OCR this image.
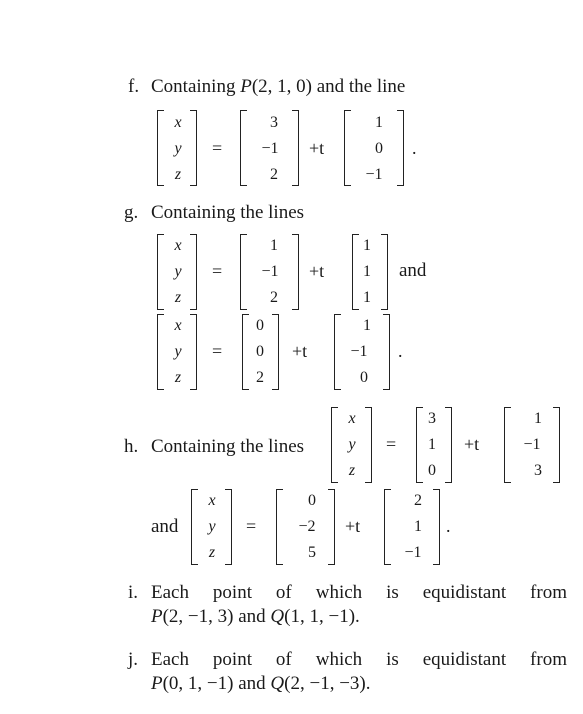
f. Containing P(2, 1, 0) and the line
x
y
z
=
3
−1
2
+t
1
0
−1
.
g. Containing the lines
x
y
z
=
1
−1
2
+t
1
1
1
and
x
y
z
=
0
0
2
+t
1
−1
0
.
h. Containing the lines
x
y
z
=
3
1
0
+t
1
−1
3
and
x
y
z
=
0
−2
5
+t
2
1
−1
.
i. Each point of which is equidistant from
P(2, −1, 3) and Q(1, 1, −1).
j. Each point of which is equidistant from
P(0, 1, −1) and Q(2, −1, −3).
